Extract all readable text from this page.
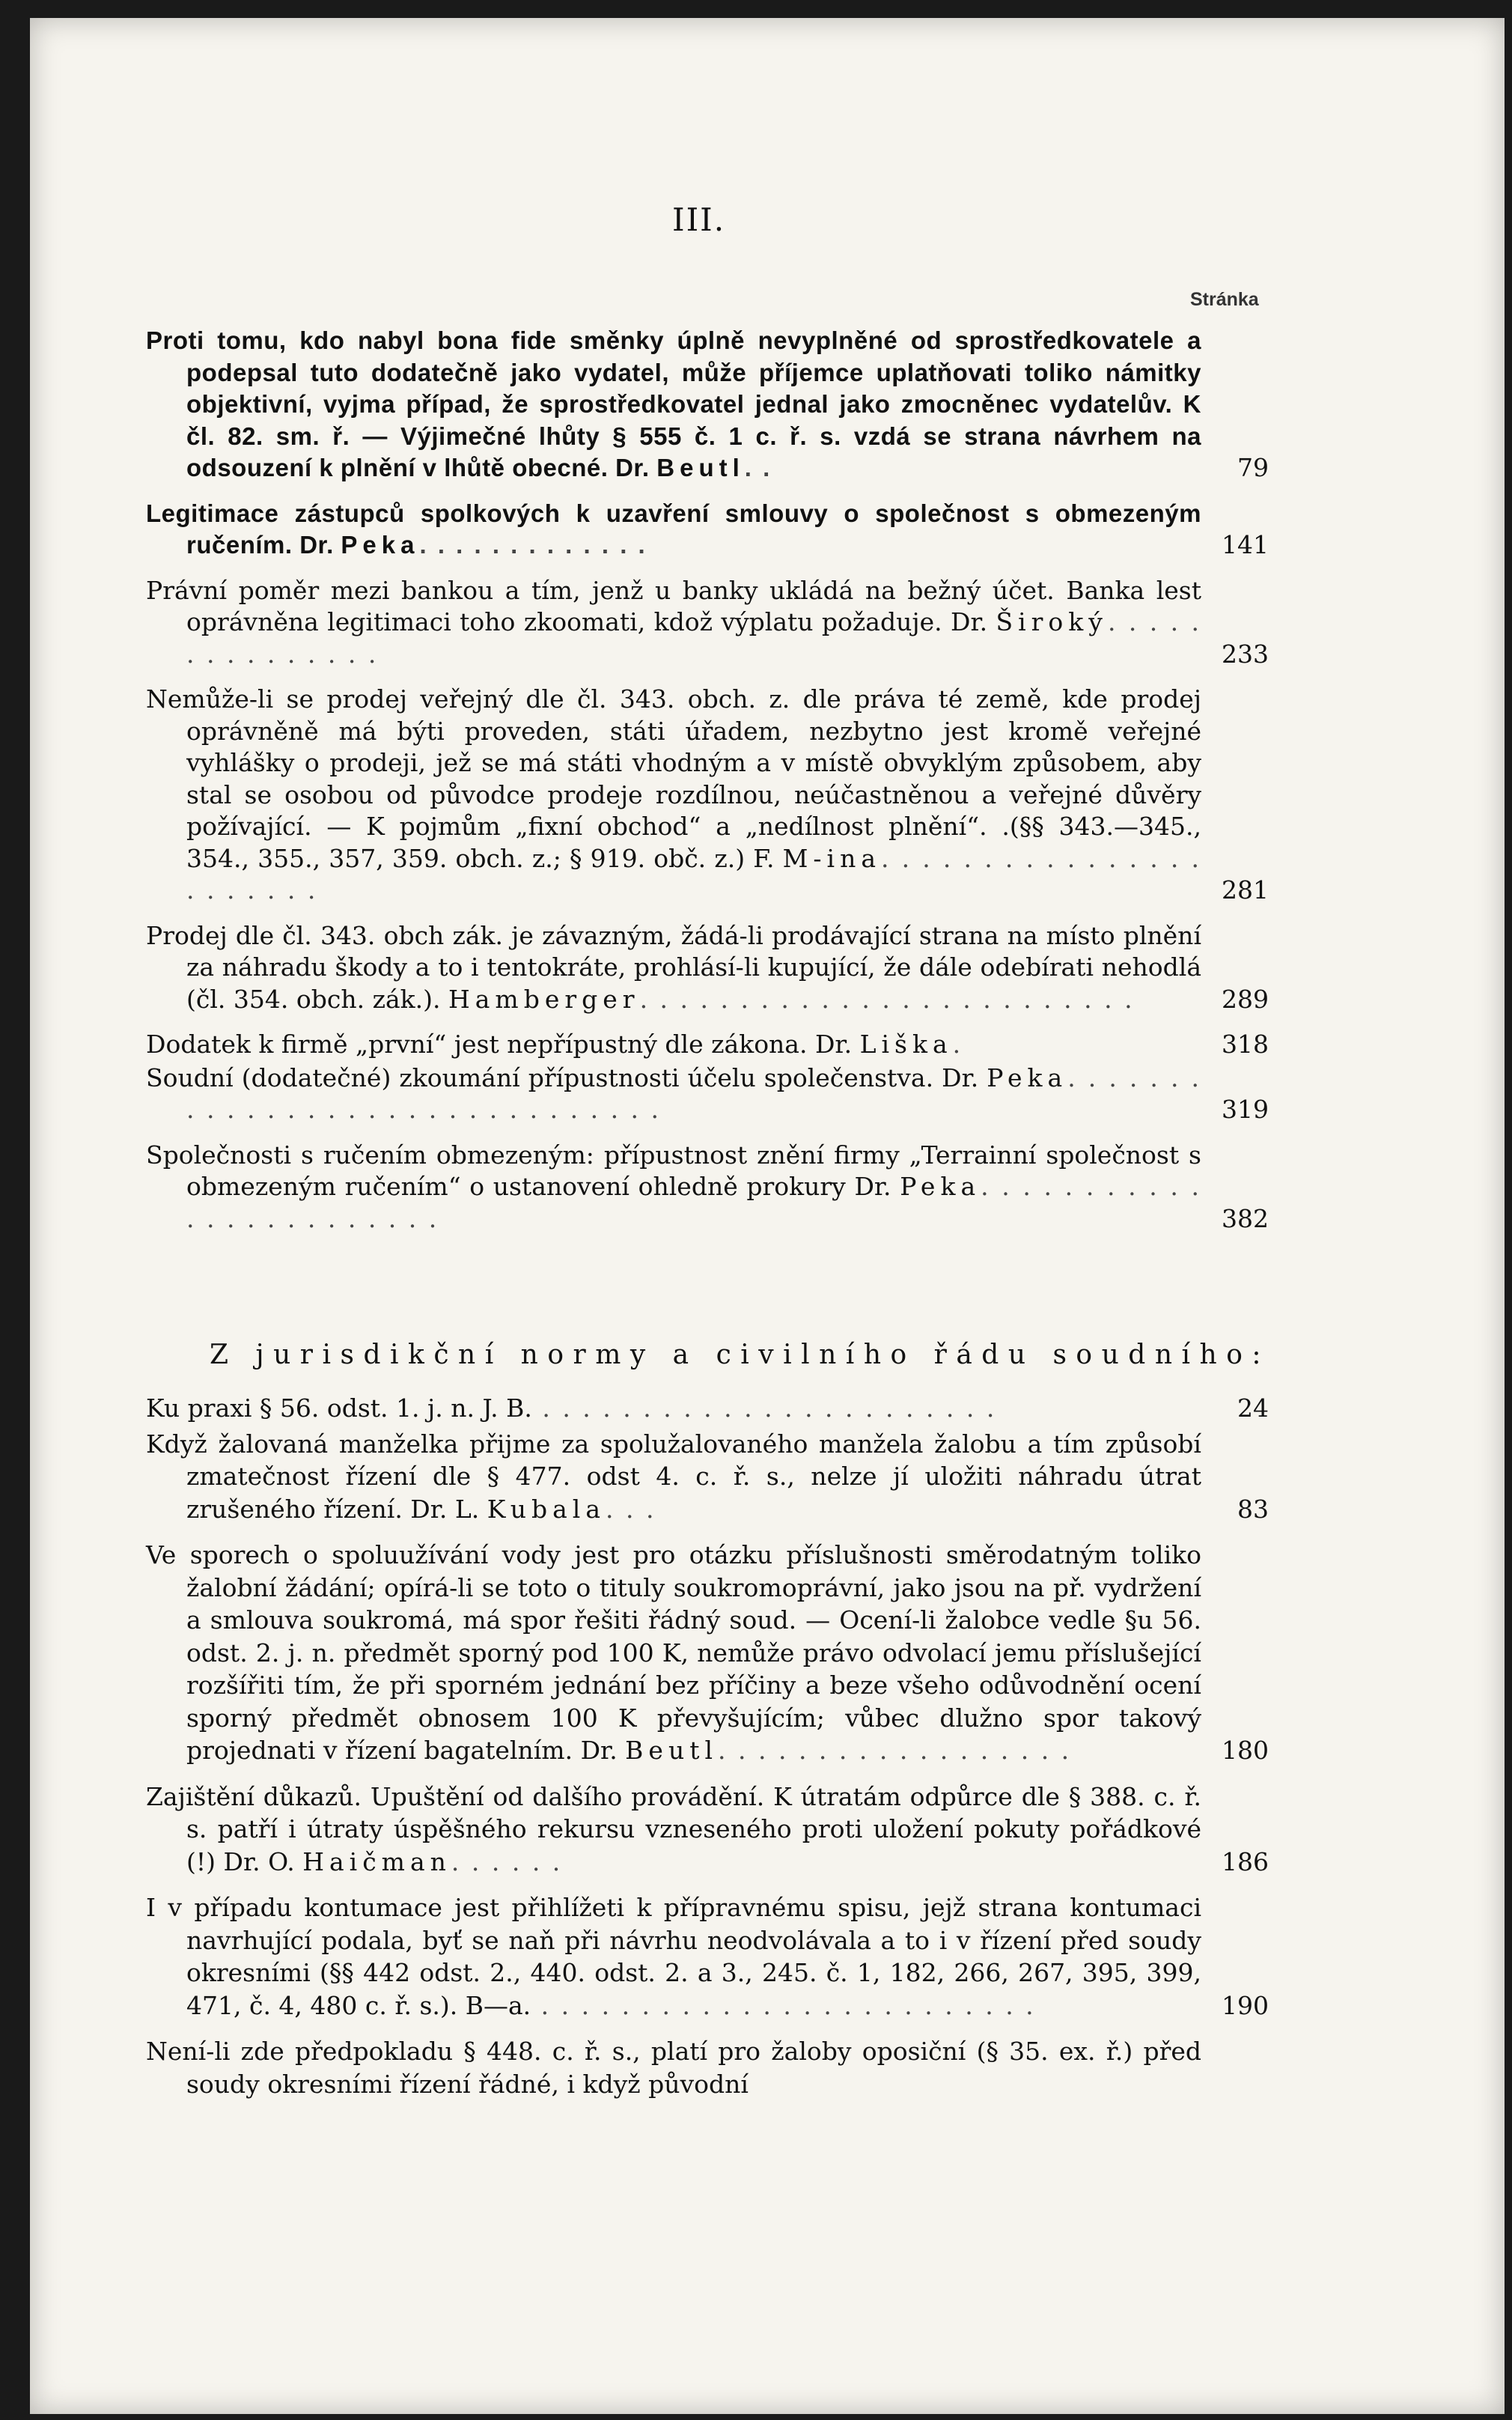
III.
Stránka
Proti tomu, kdo nabyl bona fide směnky úplně nevyplněné od sprostředkovatele a podepsal tuto dodatečně jako vydatel, může příjemce uplatňovati toliko námitky objektivní, vyjma případ, že sprostředkovatel jednal jako zmocněnec vydatelův. K čl. 82. sm. ř. — Výjimečné lhůty § 555 č. 1 c. ř. s. vzdá se strana návrhem na odsouzení k plnění v lhůtě obecné. Dr. Beutl. .	79
Legitimace zástupců spolkových k uzavření smlouvy o společnost s obmezeným ručením. Dr. Peka. . . . . . . . . . . . .	141
Právní poměr mezi bankou a tím, jenž u banky ukládá na bežný účet. Banka lest oprávněna legitimaci toho zkoomati, kdož výplatu požaduje. Dr. Široký. . . . . . . . . . . . . . .	233
Nemůže-li se prodej veřejný dle čl. 343. obch. z. dle práva té země, kde prodej oprávněně má býti proveden, státi úřadem, nezbytno jest kromě veřejné vyhlášky o prodeji, jež se má státi vhodným a v místě obvyklým způsobem, aby stal se osobou od původce prodeje rozdílnou, neúčastněnou a veřejné důvěry požívající. — K pojmům „fixní obchod“ a „nedílnost plnění“. .(§§ 343.—345., 354., 355., 357, 359. obch. z.; § 919. obč. z.) F. M-ina. . . . . . . . . . . . . . . . . . . . . . .	281
Prodej dle čl. 343. obch zák. je závazným, žádá-li prodávající strana na místo plnění za náhradu škody a to i tentokráte, prohlásí-li kupující, že dále odebírati nehodlá (čl. 354. obch. zák.). Hamberger. . . . . . . . . . . . . . . . . . . . . . . . .	289
Dodatek k firmě „první“ jest nepřípustný dle zákona. Dr. Liška.	318
Soudní (dodatečné) zkoumání přípustnosti účelu společenstva. Dr. Peka. . . . . . . . . . . . . . . . . . . . . . . . . . . . . . .	319
Společnosti s ručením obmezeným: přípustnost znění firmy „Terrainní společnost s obmezeným ručením“ o ustanovení ohledně prokury Dr. Peka. . . . . . . . . . . . . . . . . . . . . . . .	382
Z jurisdikční normy a civilního řádu soudního:
Ku praxi § 56. odst. 1. j. n. J. B. . . . . . . . . . . . . . . . . . . . . . . .	24
Když žalovaná manželka přijme za spolužalovaného manžela žalobu a tím způsobí zmatečnost řízení dle § 477. odst 4. c. ř. s., nelze jí uložiti náhradu útrat zrušeného řízení. Dr. L. Kubala. . .	83
Ve sporech o spoluužívání vody jest pro otázku příslušnosti směrodatným toliko žalobní žádání; opírá-li se toto o tituly soukromoprávní, jako jsou na př. vydržení a smlouva soukromá, má spor řešiti řádný soud. — Ocení-li žalobce vedle §u 56. odst. 2. j. n. předmět sporný pod 100 K, nemůže právo odvolací jemu příslušející rozšířiti tím, že při sporném jednání bez příčiny a beze všeho odůvodnění ocení sporný předmět obnosem 100 K převyšujícím; vůbec dlužno spor takový projednati v řízení bagatelním. Dr. Beutl. . . . . . . . . . . . . . . . . .	180
Zajištění důkazů. Upuštění od dalšího provádění. K útratám odpůrce dle § 388. c. ř. s. patří i útraty úspěšného rekursu vzneseného proti uložení pokuty pořádkové (!) Dr. O. Haičman. . . . . .	186
I v případu kontumace jest přihlížeti k přípravnému spisu, jejž strana kontumaci navrhující podala, byť se naň při návrhu neodvolávala a to i v řízení před soudy okresními (§§ 442 odst. 2., 440. odst. 2. a 3., 245. č. 1, 182, 266, 267, 395, 399, 471, č. 4, 480 c. ř. s.). B—a. . . . . . . . . . . . . . . . . . . . . . . . . .	190
Není-li zde předpokladu § 448. c. ř. s., platí pro žaloby oposiční (§ 35. ex. ř.) před soudy okresními řízení řádné, i když původní
